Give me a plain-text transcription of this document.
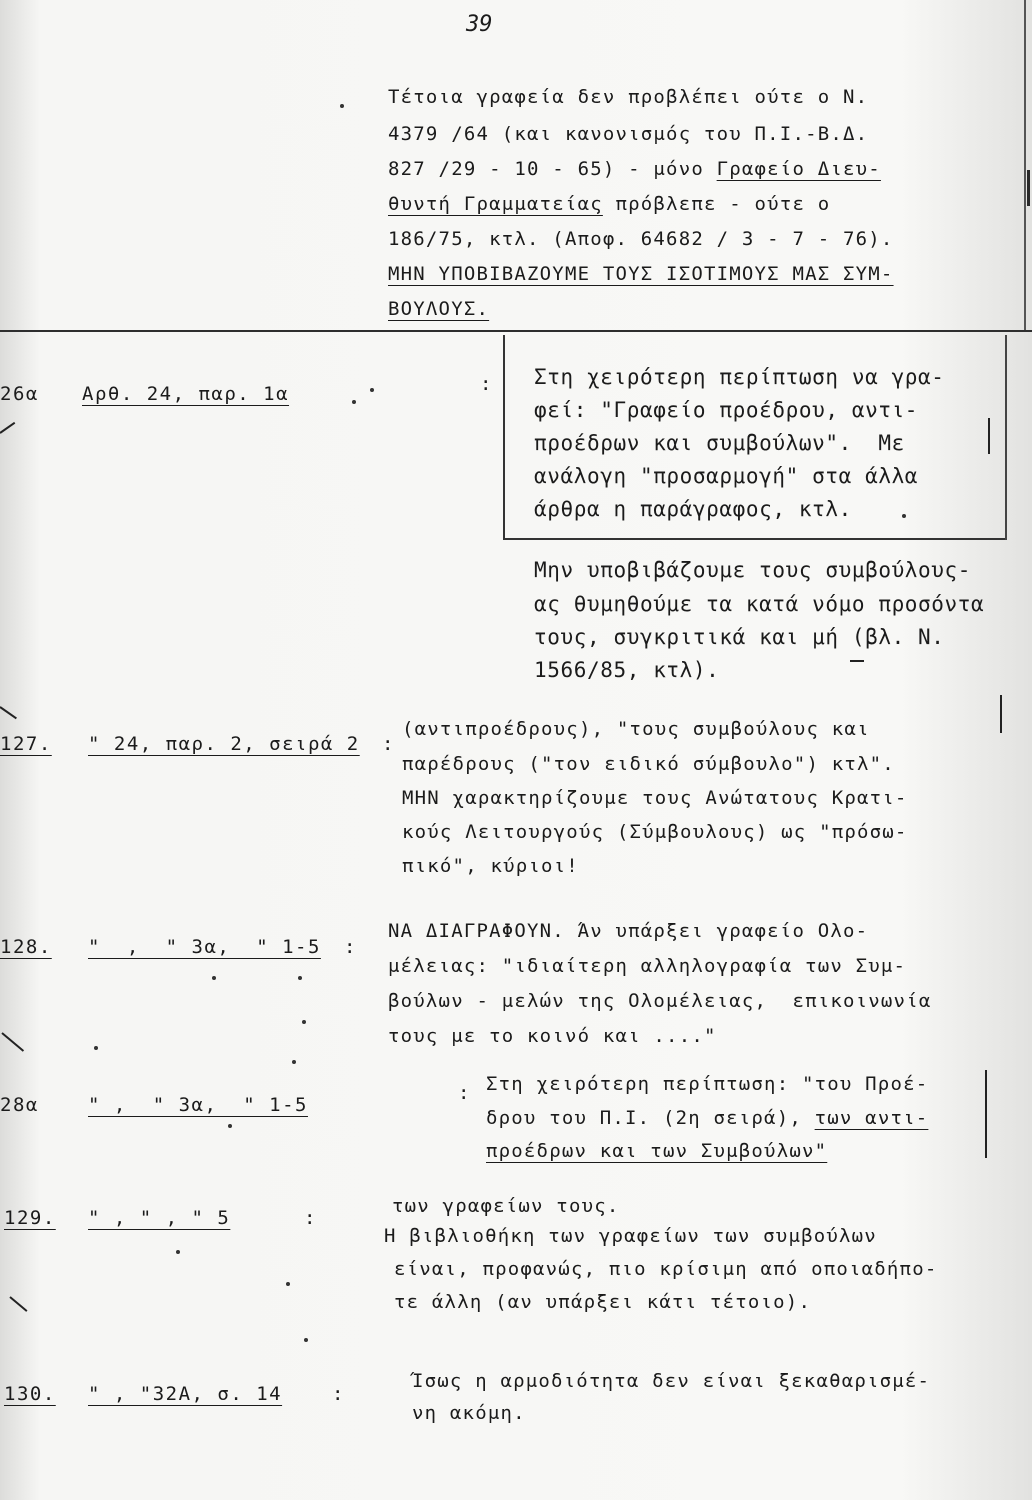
39
Τέτοια γραφεία δεν προβλέπει ούτε ο Ν.
4379 /64 (και κανονισμός του Π.Ι.-Β.Δ.
827 /29 - 10 - 65) - μόνο Γραφείο Διευ-
θυντή Γραμματείας πρόβλεπε - ούτε ο
186/75, κτλ. (Αποφ. 64682 / 3 - 7 - 76).
ΜΗΝ ΥΠΟΒΙΒΑΖΟΥΜΕ ΤΟΥΣ ΙΣΟΤΙΜΟΥΣ ΜΑΣ ΣΥΜ-
ΒΟΥΛΟΥΣ.
26α Αρθ. 24, παρ. 1α	: Στη χειρότερη περίπτωση να γρα-
φεί: "Γραφείο προέδρου, αντι-
προέδρων και συμβούλων".  Με
ανάλογη "προσαρμογή" στα άλλα
άρθρα η παράγραφος, κτλ.
Μην υποβιβάζουμε τους συμβούλους-
ας θυμηθούμε τα κατά νόμο προσόντα
τους, συγκριτικά και μή (βλ. Ν.
1566/85, κτλ).
127. " 24, παρ. 2, σειρά 2 :
(αντιπροέδρους), "τους συμβούλους και
παρέδρους ("τον ειδικό σύμβουλο") κτλ".
ΜΗΝ χαρακτηρίζουμε τους Ανώτατους Κρατι-
κούς Λειτουργούς (Σύμβουλους) ως "πρόσω-
πικό", κύριοι!
128. "  ,  " 3α,  " 1-5 :
ΝΑ ΔΙΑΓΡΑΦΟΥΝ. Άν υπάρξει γραφείο Ολο-
μέλειας: "ιδιαίτερη αλληλογραφία των Συμ-
βούλων - μελών της Ολομέλειας,  επικοινωνία
τους με το κοινό και ...."
28α	" ,  " 3α,  " 1-5
: Στη χειρότερη περίπτωση: "του Προέ-
δρου του Π.Ι. (2η σειρά), των αντι-
προέδρων και των Συμβούλων"
129. " , " , " 5	:
των γραφείων τους.
Η βιβλιοθήκη των γραφείων των συμβούλων
είναι, προφανώς, πιο κρίσιμη από οποιαδήπο-
τε άλλη (αν υπάρξει κάτι τέτοιο).
130. " , "32Α, σ. 14	:
Ίσως η αρμοδιότητα δεν είναι ξεκαθαρισμέ-
νη ακόμη.
